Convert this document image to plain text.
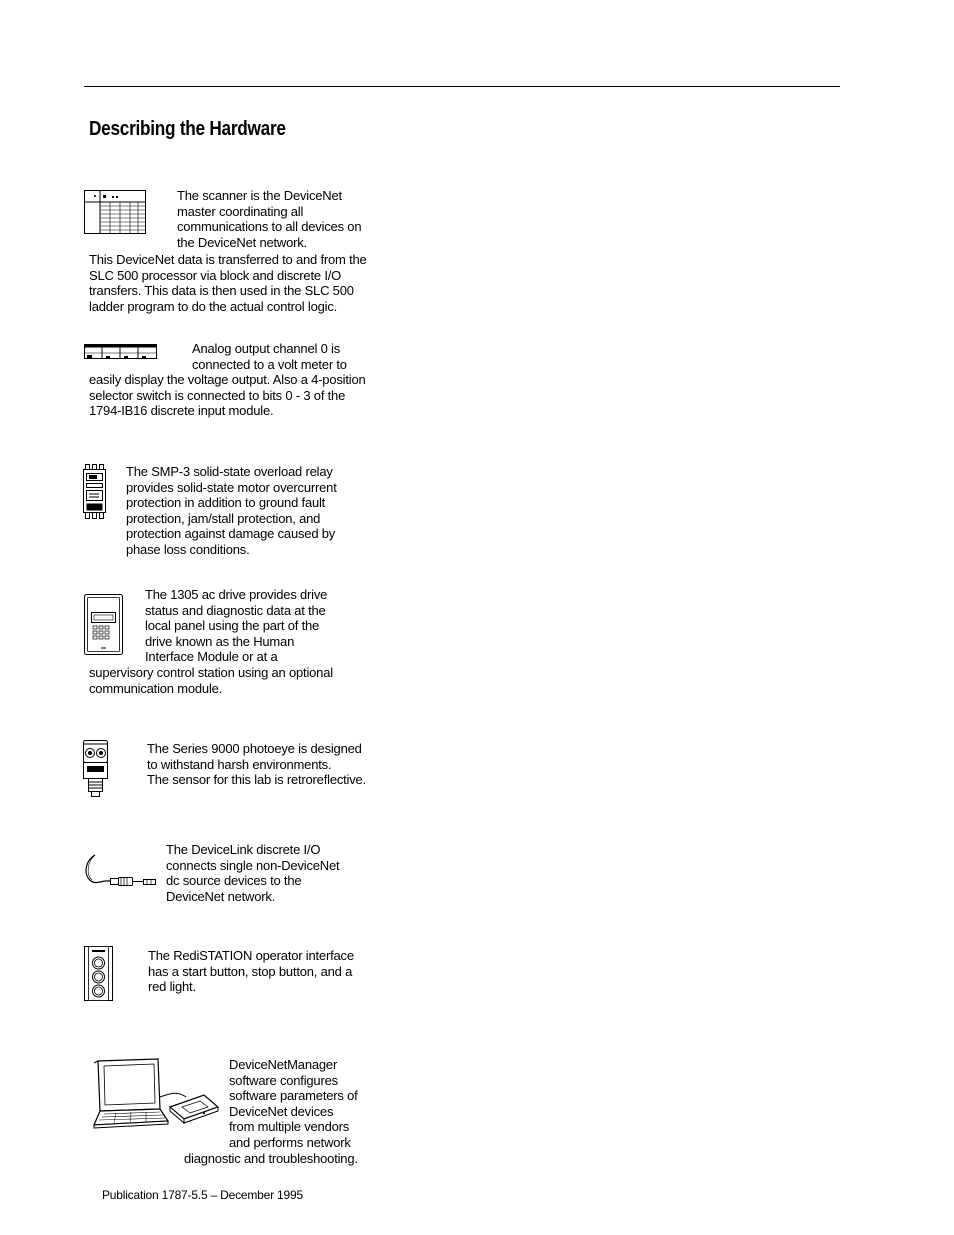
Describing the Hardware
The scanner is the DeviceNet
master coordinating all
communications to all devices on
the DeviceNet network.
This DeviceNet data is transferred to and from the
SLC 500 processor via block and discrete I/O
transfers. This data is then used in the SLC 500
ladder program to do the actual control logic.
Analog output channel 0 is
connected to a volt meter to
easily display the voltage output. Also a 4-position
selector switch is connected to bits 0 - 3 of the
1794-IB16 discrete input module.
The SMP-3 solid-state overload relay
provides solid-state motor overcurrent
protection in addition to ground fault
protection, jam/stall protection, and
protection against damage caused by
phase loss conditions.
The 1305 ac drive provides drive
status and diagnostic data at the
local panel using the part of the
drive known as the Human
Interface Module or at a
supervisory control station using an optional
communication module.
The Series 9000 photoeye is designed
to withstand harsh environments.
The sensor for this lab is retroreflective.
The DeviceLink discrete I/O
connects single non-DeviceNet
dc source devices to the
DeviceNet network.
The RediSTATION operator interface
has a start button, stop button, and a
red light.
DeviceNetManager
software configures
software parameters of
DeviceNet devices
from multiple vendors
and performs network
diagnostic and troubleshooting.
Publication 1787-5.5 – December 1995
